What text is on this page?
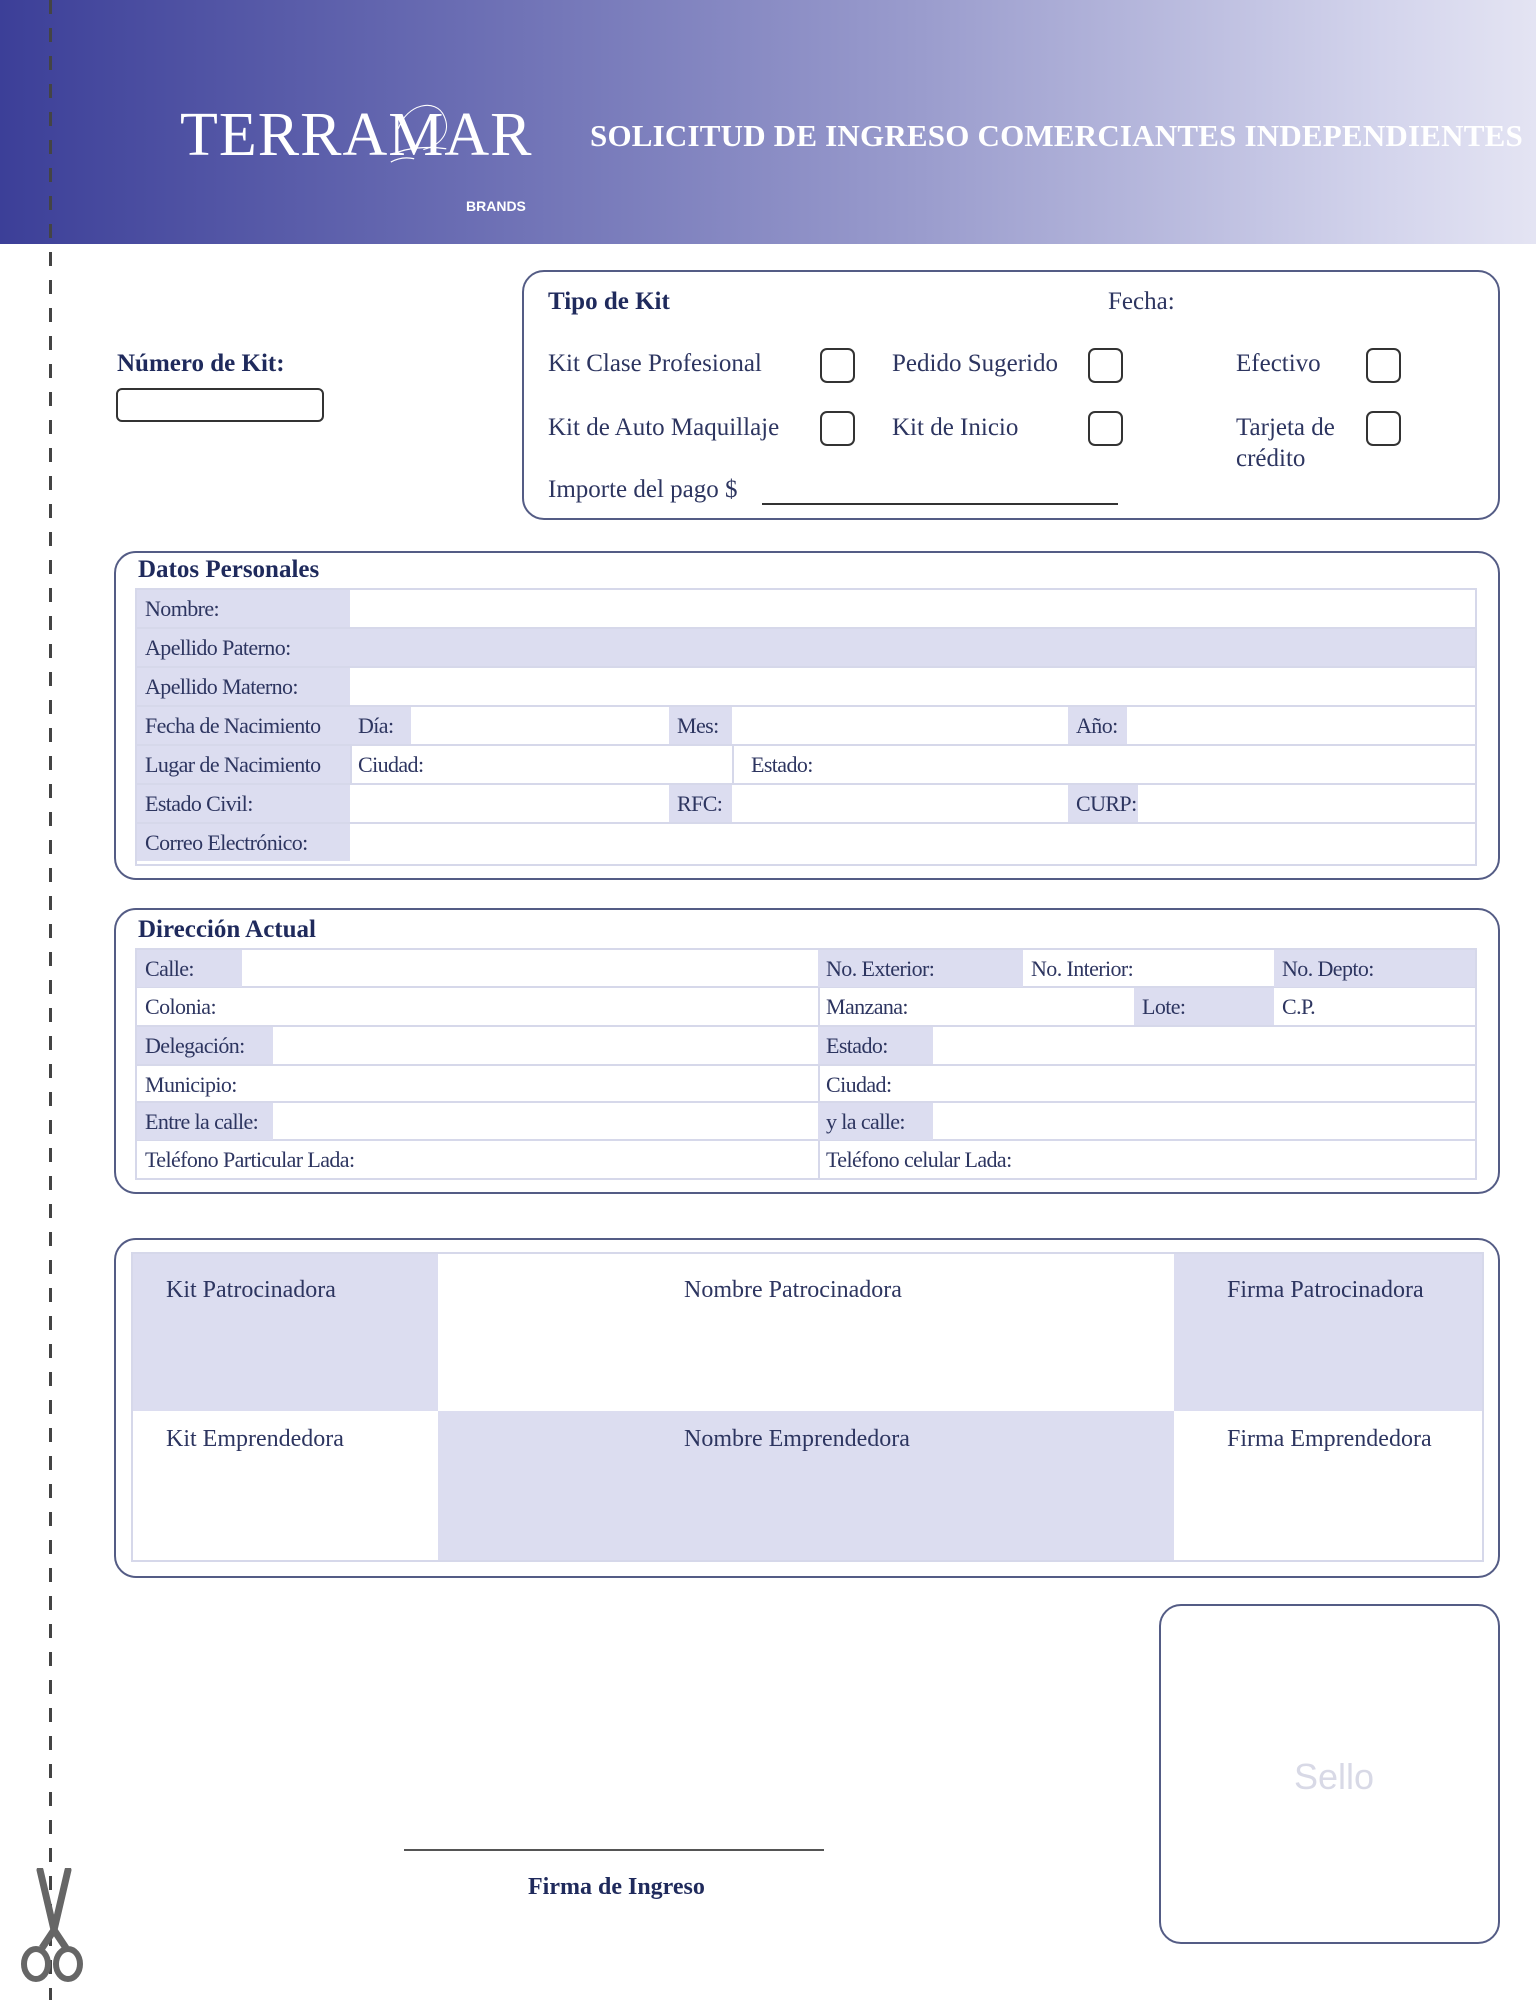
TERRAMAR
BRANDS
SOLICITUD DE INGRESO COMERCIANTES INDEPENDIENTES
Número de Kit:
Tipo de Kit	Fecha:
Kit Clase Profesional	Pedido Sugerido	Efectivo
Kit de Auto Maquillaje	Kit de Inicio	Tarjeta de
crédito
Importe del pago $
Datos Personales
Nombre:
Apellido Paterno:
Apellido Materno:
Fecha de Nacimiento	Día:	Mes:	Año:
Lugar de Nacimiento	Ciudad:	Estado:
Estado Civil:	RFC:	CURP:
Correo Electrónico:
Dirección Actual
Calle:	No. Exterior:	No. Interior:	No. Depto:
Colonia:	Manzana:	Lote:	C.P.
Delegación:	Estado:
Municipio:	Ciudad:
Entre la calle:	y la calle:
Teléfono Particular Lada:	Teléfono celular Lada:
Kit Patrocinadora	Nombre Patrocinadora	Firma Patrocinadora
Kit Emprendedora	Nombre Emprendedora	Firma Emprendedora
Firma de Ingreso
Sello
